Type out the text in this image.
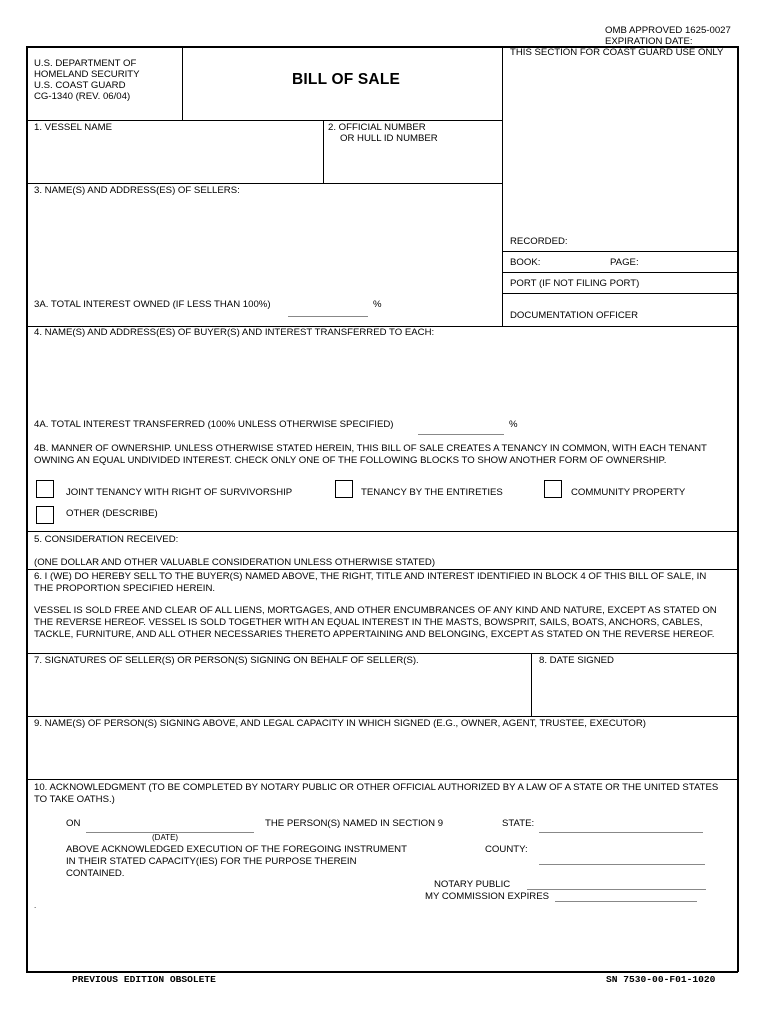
OMB APPROVED 1625-0027
EXPIRATION DATE:
THIS SECTION FOR COAST GUARD USE ONLY
U.S. DEPARTMENT OF
HOMELAND SECURITY
U.S. COAST GUARD
CG-1340 (REV. 06/04)
BILL OF SALE
1. VESSEL NAME	2. OFFICIAL NUMBER
OR HULL ID NUMBER
3. NAME(S) AND ADDRESS(ES) OF SELLERS:
RECORDED:
BOOK:	PAGE:
PORT (IF NOT FILING PORT)
DOCUMENTATION OFFICER
3A. TOTAL INTEREST OWNED (IF LESS THAN 100%)	%
4. NAME(S) AND ADDRESS(ES) OF BUYER(S) AND INTEREST TRANSFERRED TO EACH:
4A. TOTAL INTEREST TRANSFERRED (100% UNLESS OTHERWISE SPECIFIED)	%
4B. MANNER OF OWNERSHIP. UNLESS OTHERWISE STATED HEREIN, THIS BILL OF SALE CREATES A TENANCY IN COMMON, WITH EACH TENANT OWNING AN EQUAL UNDIVIDED INTEREST. CHECK ONLY ONE OF THE FOLLOWING BLOCKS TO SHOW ANOTHER FORM OF OWNERSHIP.
JOINT TENANCY WITH RIGHT OF SURVIVORSHIP	TENANCY BY THE ENTIRETIES	COMMUNITY PROPERTY
OTHER (DESCRIBE)
5. CONSIDERATION RECEIVED:
(ONE DOLLAR AND OTHER VALUABLE CONSIDERATION UNLESS OTHERWISE STATED)
6. I (WE) DO HEREBY SELL TO THE BUYER(S) NAMED ABOVE, THE RIGHT, TITLE AND INTEREST IDENTIFIED IN BLOCK 4 OF THIS BILL OF SALE, IN THE PROPORTION SPECIFIED HEREIN.
VESSEL IS SOLD FREE AND CLEAR OF ALL LIENS, MORTGAGES, AND OTHER ENCUMBRANCES OF ANY KIND AND NATURE, EXCEPT AS STATED ON THE REVERSE HEREOF. VESSEL IS SOLD TOGETHER WITH AN EQUAL INTEREST IN THE MASTS, BOWSPRIT, SAILS, BOATS, ANCHORS, CABLES, TACKLE, FURNITURE, AND ALL OTHER NECESSARIES THERETO APPERTAINING AND BELONGING, EXCEPT AS STATED ON THE REVERSE HEREOF.
7. SIGNATURES OF SELLER(S) OR PERSON(S) SIGNING ON BEHALF OF SELLER(S).	8. DATE SIGNED
9. NAME(S) OF PERSON(S) SIGNING ABOVE, AND LEGAL CAPACITY IN WHICH SIGNED (E.G., OWNER, AGENT, TRUSTEE, EXECUTOR)
10. ACKNOWLEDGMENT (TO BE COMPLETED BY NOTARY PUBLIC OR OTHER OFFICIAL AUTHORIZED BY A LAW OF A STATE OR THE UNITED STATES TO TAKE OATHS.)
ON
(DATE)
THE PERSON(S) NAMED IN SECTION 9	STATE:
ABOVE ACKNOWLEDGED EXECUTION OF THE FOREGOING INSTRUMENT
IN THEIR STATED CAPACITY(IES) FOR THE PURPOSE THEREIN
CONTAINED.
COUNTY:
NOTARY PUBLIC
MY COMMISSION EXPIRES
.
PREVIOUS EDITION OBSOLETE	SN 7530-00-F01-1020
